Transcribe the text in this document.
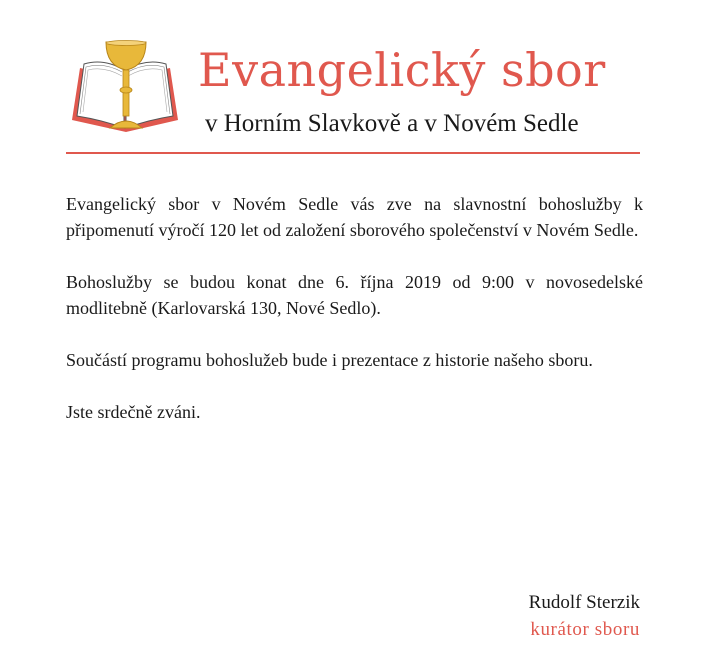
Evangelický sbor
v Horním Slavkově a v Novém Sedle

Evangelický sbor v Novém Sedle vás zve na slavnostní bohoslužby k připomenutí výročí 120 let od založení sborového společenství v Novém Sedle.

Bohoslužby se budou konat dne 6. října 2019 od 9:00 v novosedelské modlitebně (Karlovarská 130, Nové Sedlo).

Součástí programu bohoslužeb bude i prezentace z historie našeho sboru.

Jste srdečně zváni.

Rudolf Sterzik
kurátor sboru
